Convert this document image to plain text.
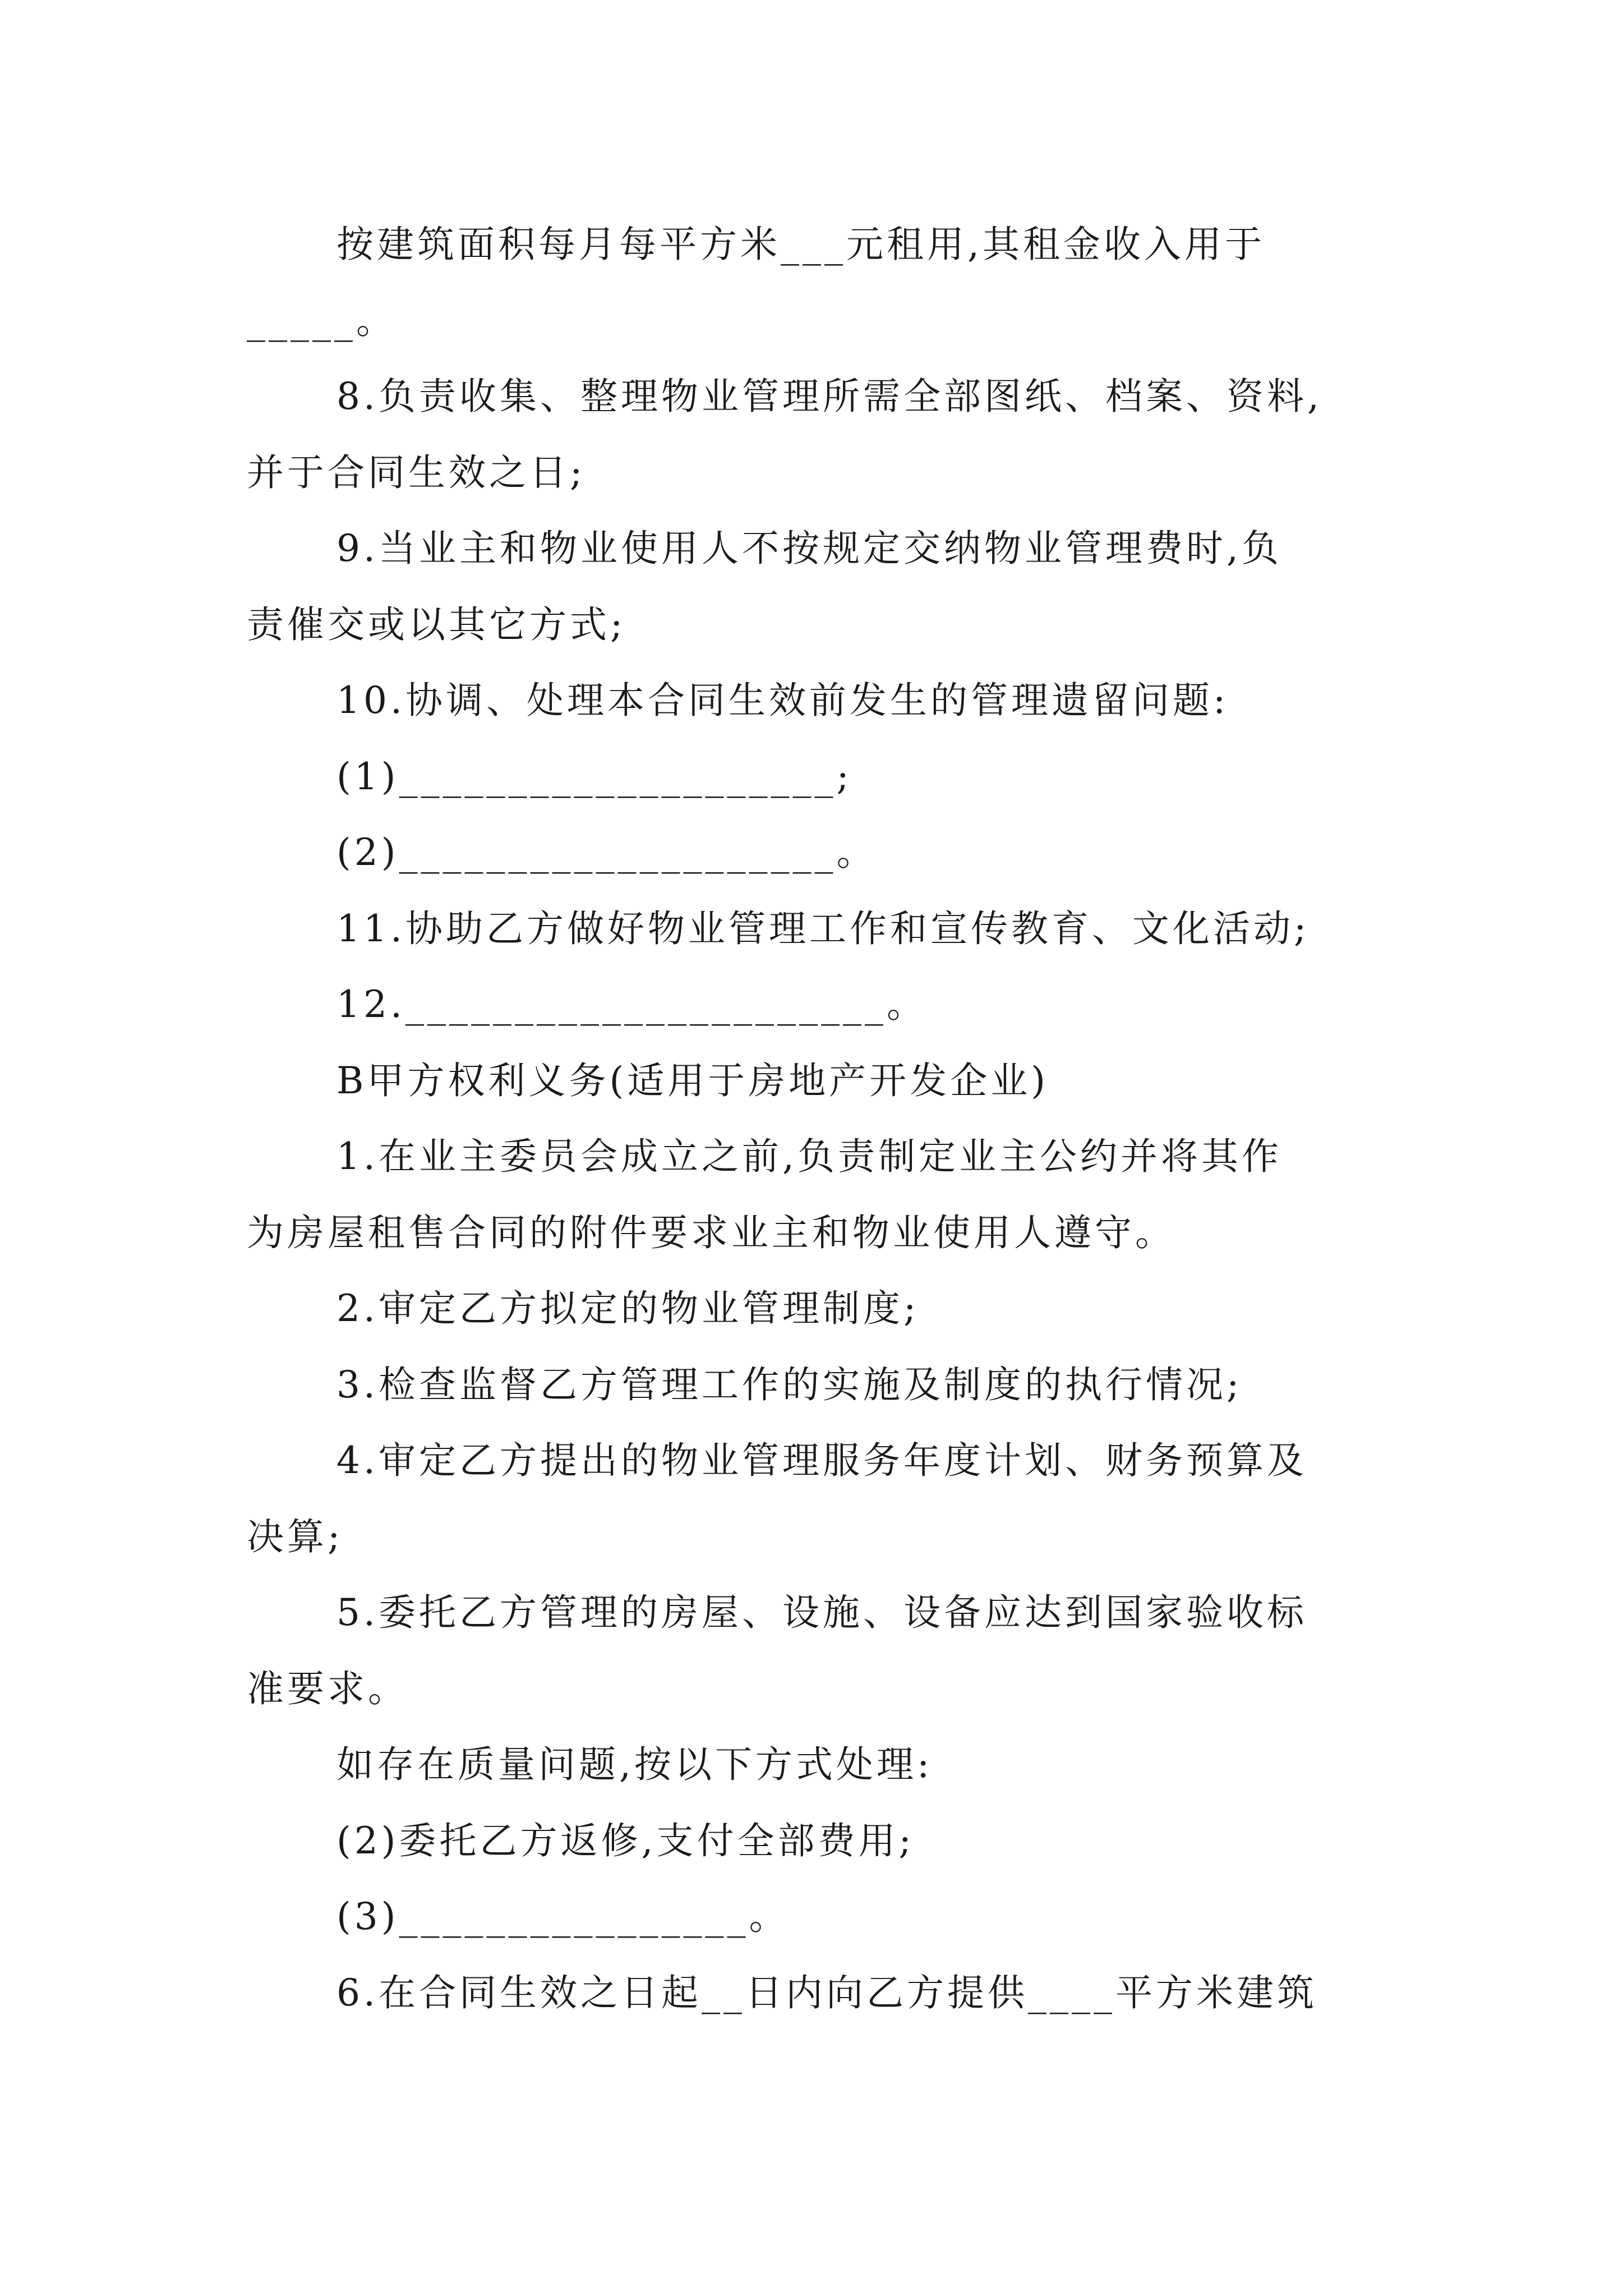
按建筑面积每月每平方米___元租用,其租金收入用于
_____。
8.负责收集、整理物业管理所需全部图纸、档案、资料,
并于合同生效之日;
9.当业主和物业使用人不按规定交纳物业管理费时,负
责催交或以其它方式;
10.协调、处理本合同生效前发生的管理遗留问题:
(1)____________________;
(2)____________________。
11.协助乙方做好物业管理工作和宣传教育、文化活动;
12.______________________。
B甲方权利义务(适用于房地产开发企业)
1.在业主委员会成立之前,负责制定业主公约并将其作
为房屋租售合同的附件要求业主和物业使用人遵守。
2.审定乙方拟定的物业管理制度;
3.检查监督乙方管理工作的实施及制度的执行情况;
4.审定乙方提出的物业管理服务年度计划、财务预算及
决算;
5.委托乙方管理的房屋、设施、设备应达到国家验收标
准要求。
如存在质量问题,按以下方式处理:
(2)委托乙方返修,支付全部费用;
(3)________________。
6.在合同生效之日起__日内向乙方提供____平方米建筑
